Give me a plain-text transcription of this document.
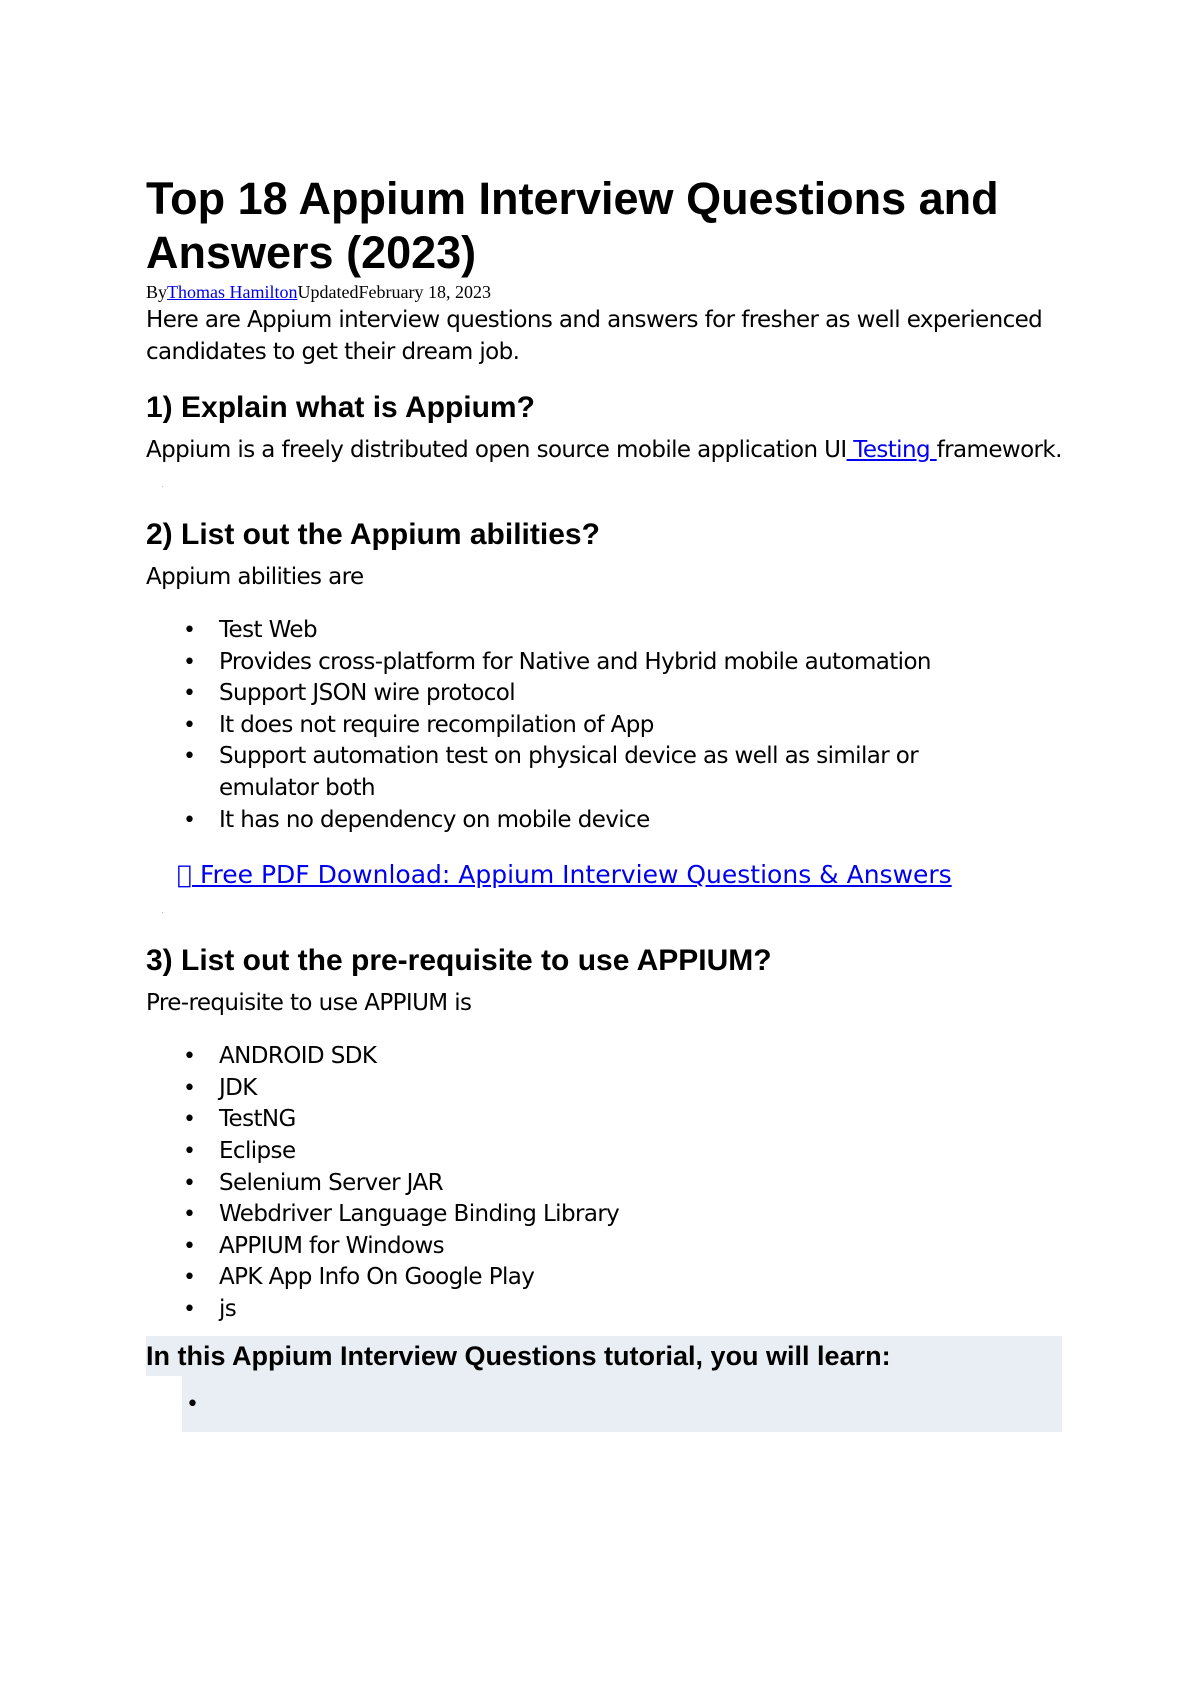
Top 18 Appium Interview Questions and Answers (2023)

ByThomas HamiltonUpdatedFebruary 18, 2023

Here are Appium interview questions and answers for fresher as well experienced candidates to get their dream job.

1) Explain what is Appium?

Appium is a freely distributed open source mobile application UI Testing framework.

2) List out the Appium abilities?

Appium abilities are

• Test Web
• Provides cross-platform for Native and Hybrid mobile automation
• Support JSON wire protocol
• It does not require recompilation of App
• Support automation test on physical device as well as similar or emulator both
• It has no dependency on mobile device
Free PDF Download: Appium Interview Questions & Answers
3) List out the pre-requisite to use APPIUM?

Pre-requisite to use APPIUM is

• ANDROID SDK
• JDK
• TestNG
• Eclipse
• Selenium Server JAR
• Webdriver Language Binding Library
• APPIUM for Windows
• APK App Info On Google Play
• js
In this Appium Interview Questions tutorial, you will learn:
•
